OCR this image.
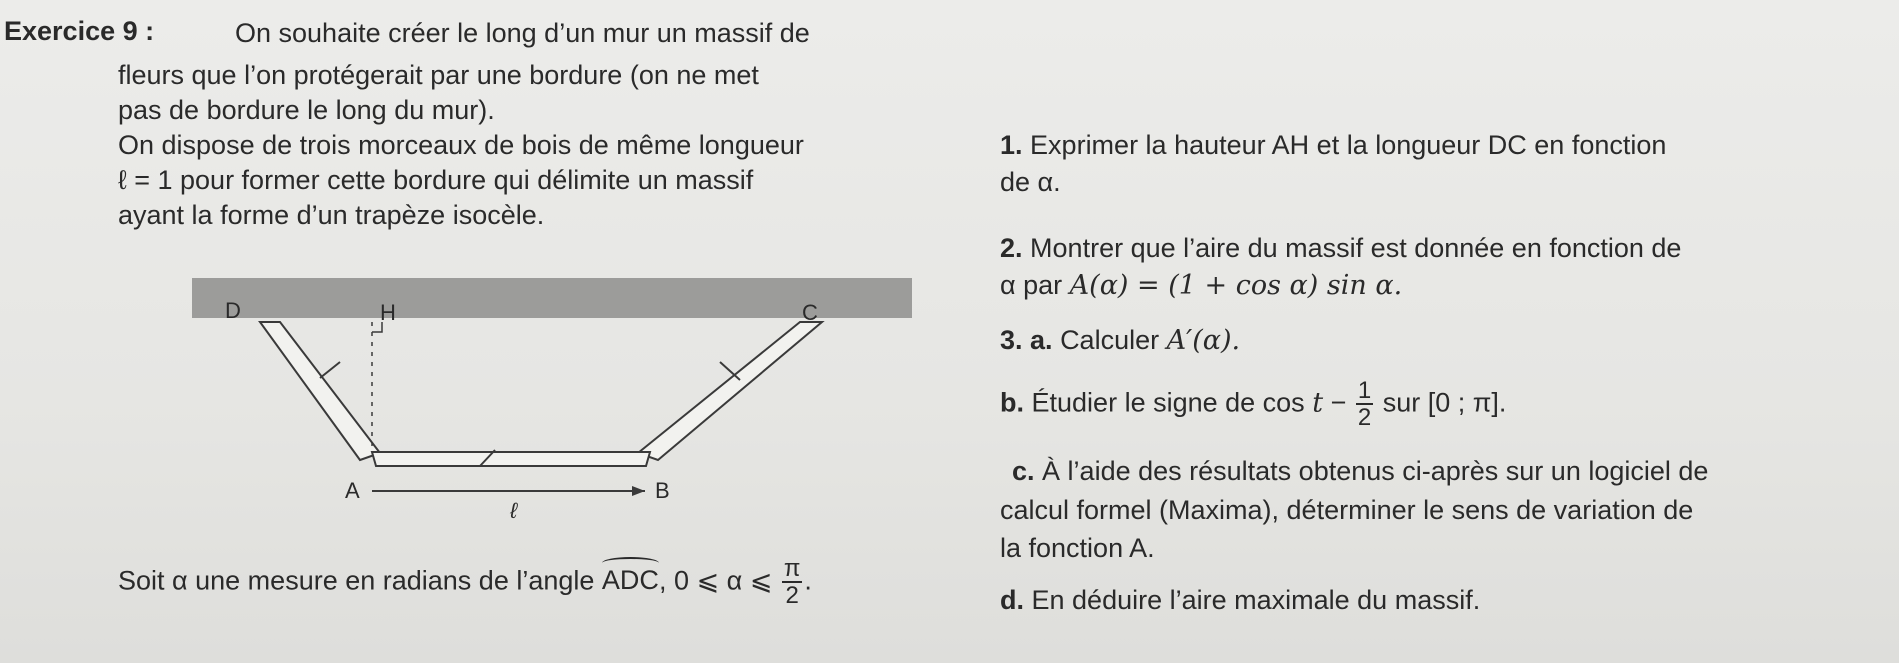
Exercice 9 :	On souhaite créer le long d’un mur un massif de
fleurs que l’on protégerait par une bordure (on ne met
pas de bordure le long du mur).
On dispose de trois morceaux de bois de même longueur
ℓ = 1 pour former cette bordure qui délimite un massif
ayant la forme d’un trapèze isocèle.
D	H	C
A	B
ℓ
Soit α une mesure en radians de l’angle ADC, 0 ⩽ α ⩽ $\frac{\pi}{2}$ .
1. Exprimer la hauteur AH et la longueur DC en fonction
de α.
2. Montrer que l’aire du massif est donnée en fonction de
α par A(α) = (1 + cos α) sin α.
3. a. Calculer A′(α).
b. Étudier le signe de $\cos t - \frac{1}{2}$ sur [0 ; π].
c. À l’aide des résultats obtenus ci-après sur un logiciel de
calcul formel (Maxima), déterminer le sens de variation de
la fonction A.
d. En déduire l’aire maximale du massif.
